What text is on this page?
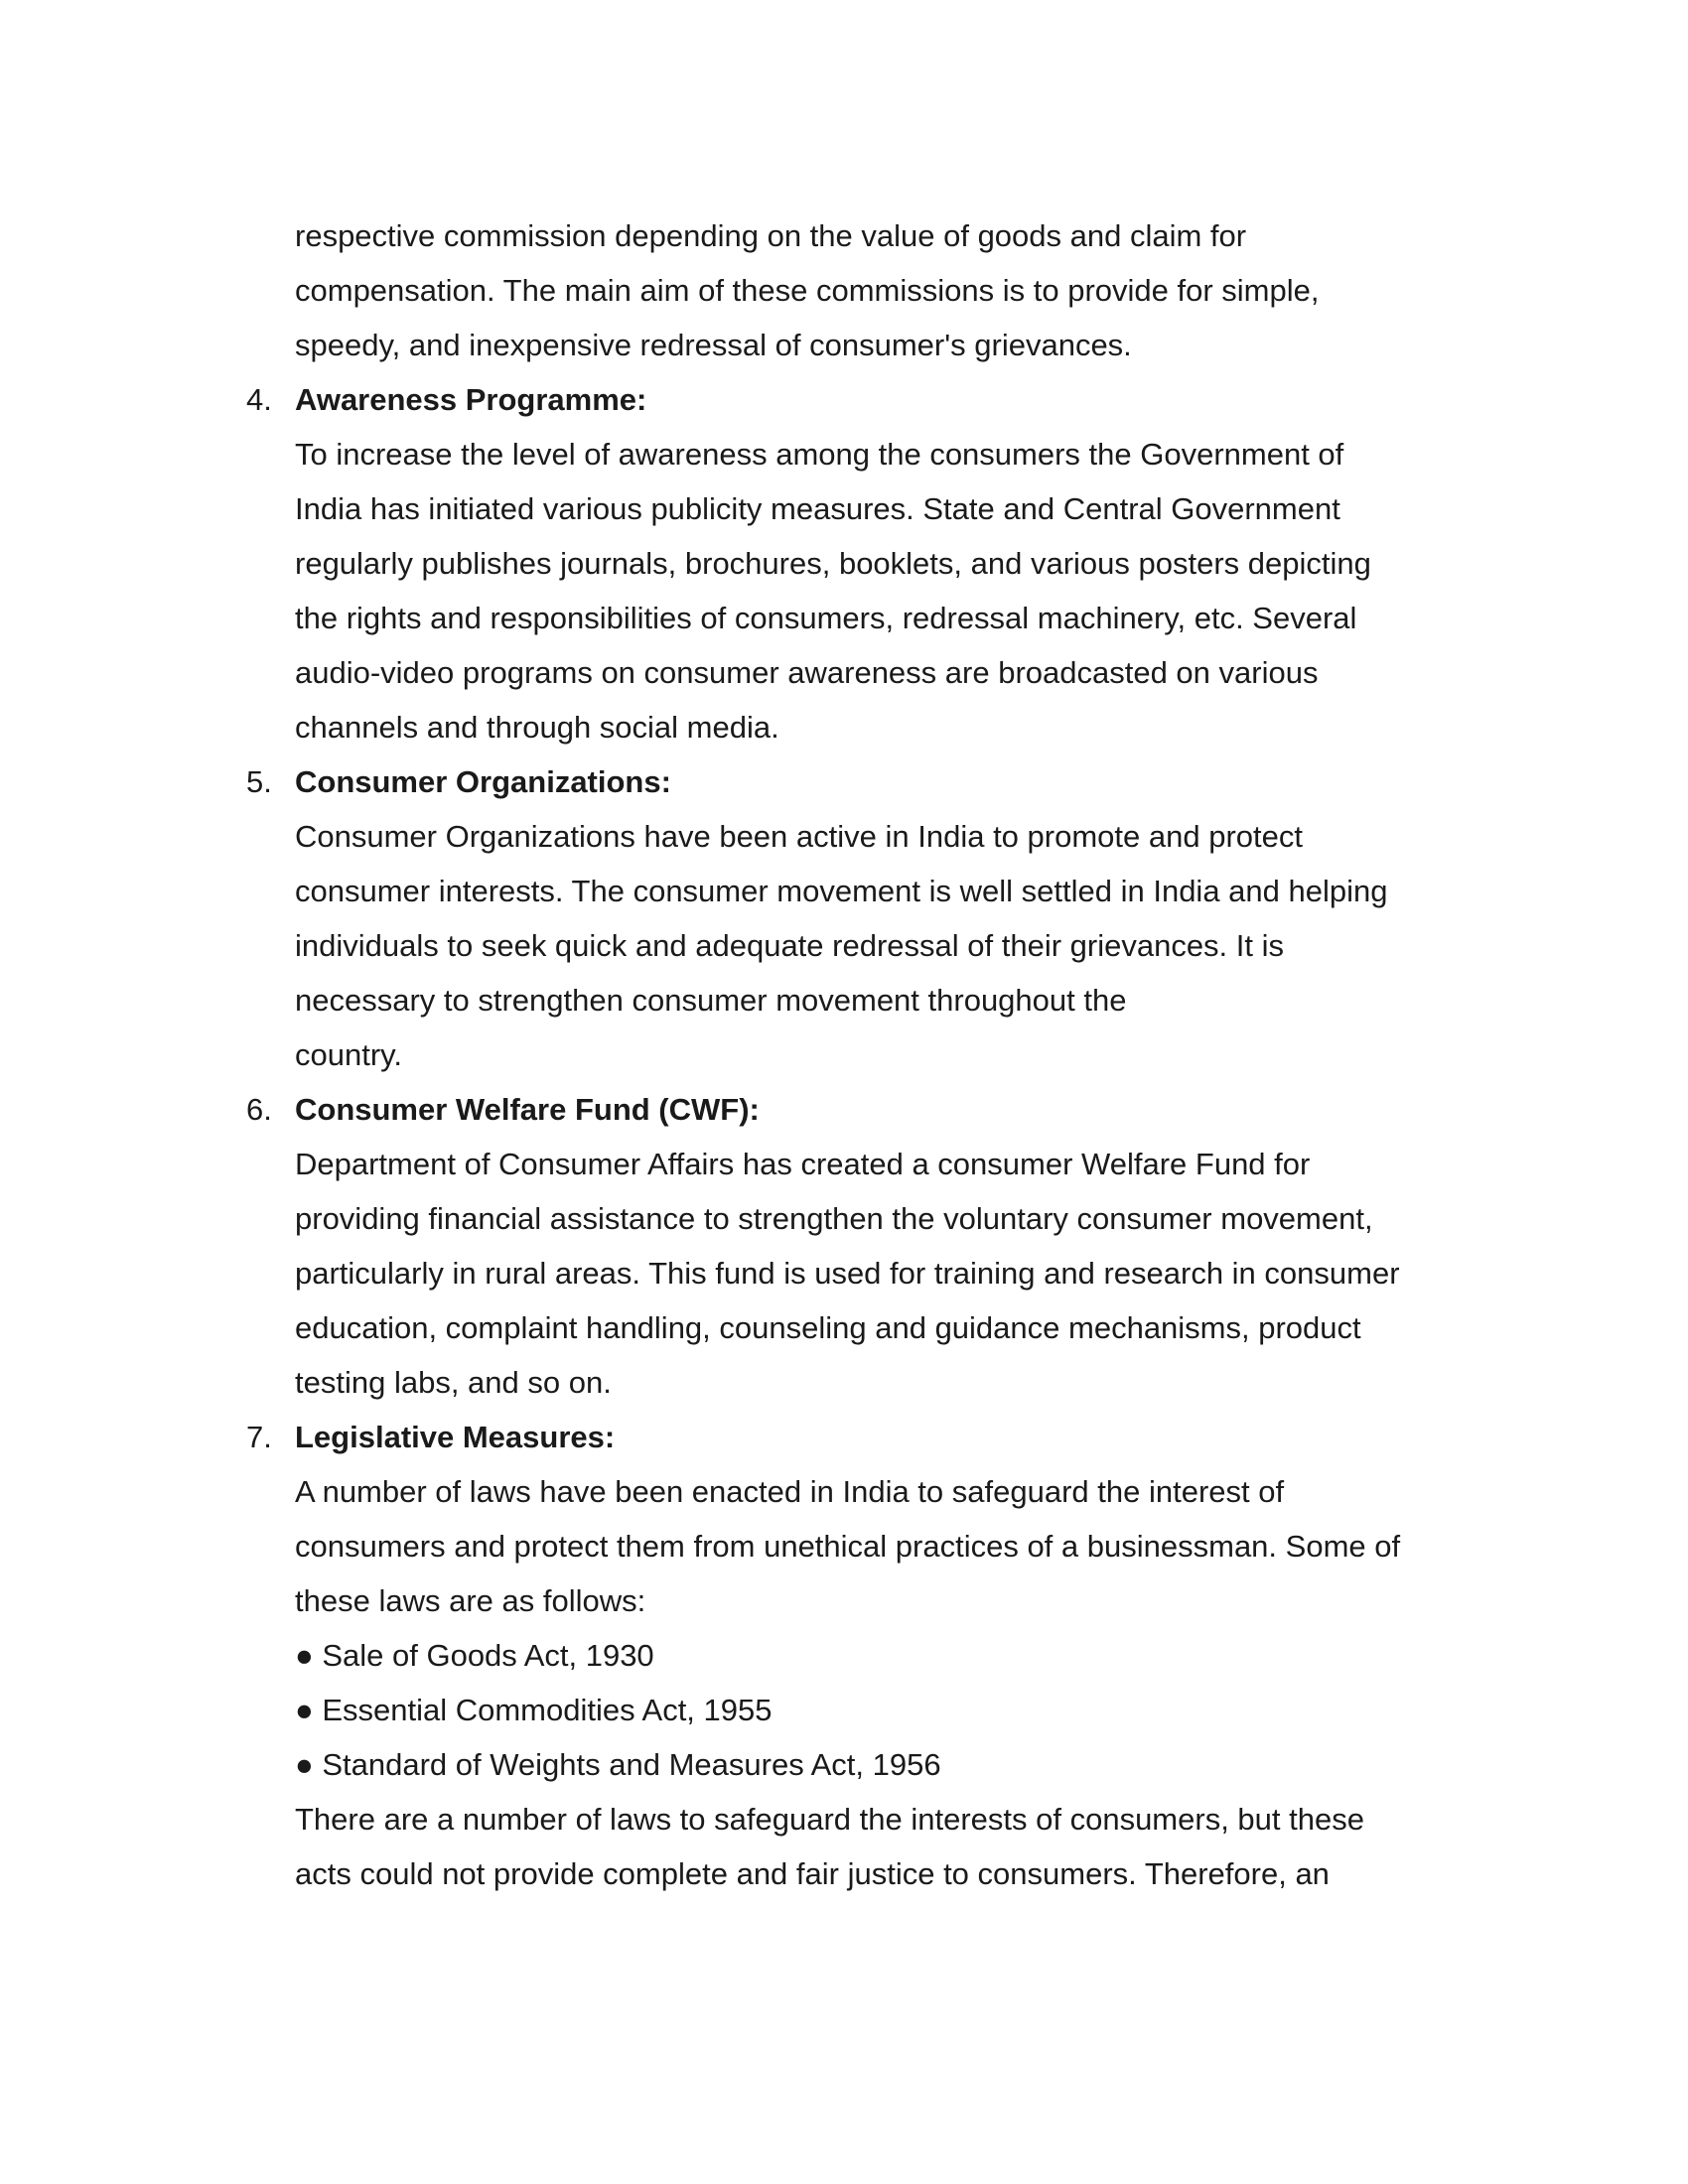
respective commission depending on the value of goods and claim for
compensation. The main aim of these commissions is to provide for simple,
speedy, and inexpensive redressal of consumer's grievances.
4. Awareness Programme:
To increase the level of awareness among the consumers the Government of
India has initiated various publicity measures. State and Central Government
regularly publishes journals, brochures, booklets, and various posters depicting
the rights and responsibilities of consumers, redressal machinery, etc. Several
audio-video programs on consumer awareness are broadcasted on various
channels and through social media.
5. Consumer Organizations:
Consumer Organizations have been active in India to promote and protect
consumer interests. The consumer movement is well settled in India and helping
individuals to seek quick and adequate redressal of their grievances. It is
necessary to strengthen consumer movement throughout the
country.
6. Consumer Welfare Fund (CWF):
Department of Consumer Affairs has created a consumer Welfare Fund for
providing financial assistance to strengthen the voluntary consumer movement,
particularly in rural areas. This fund is used for training and research in consumer
education, complaint handling, counseling and guidance mechanisms, product
testing labs, and so on.
7. Legislative Measures:
A number of laws have been enacted in India to safeguard the interest of
consumers and protect them from unethical practices of a businessman. Some of
these laws are as follows:
● Sale of Goods Act, 1930
● Essential Commodities Act, 1955
● Standard of Weights and Measures Act, 1956
There are a number of laws to safeguard the interests of consumers, but these
acts could not provide complete and fair justice to consumers. Therefore, an
